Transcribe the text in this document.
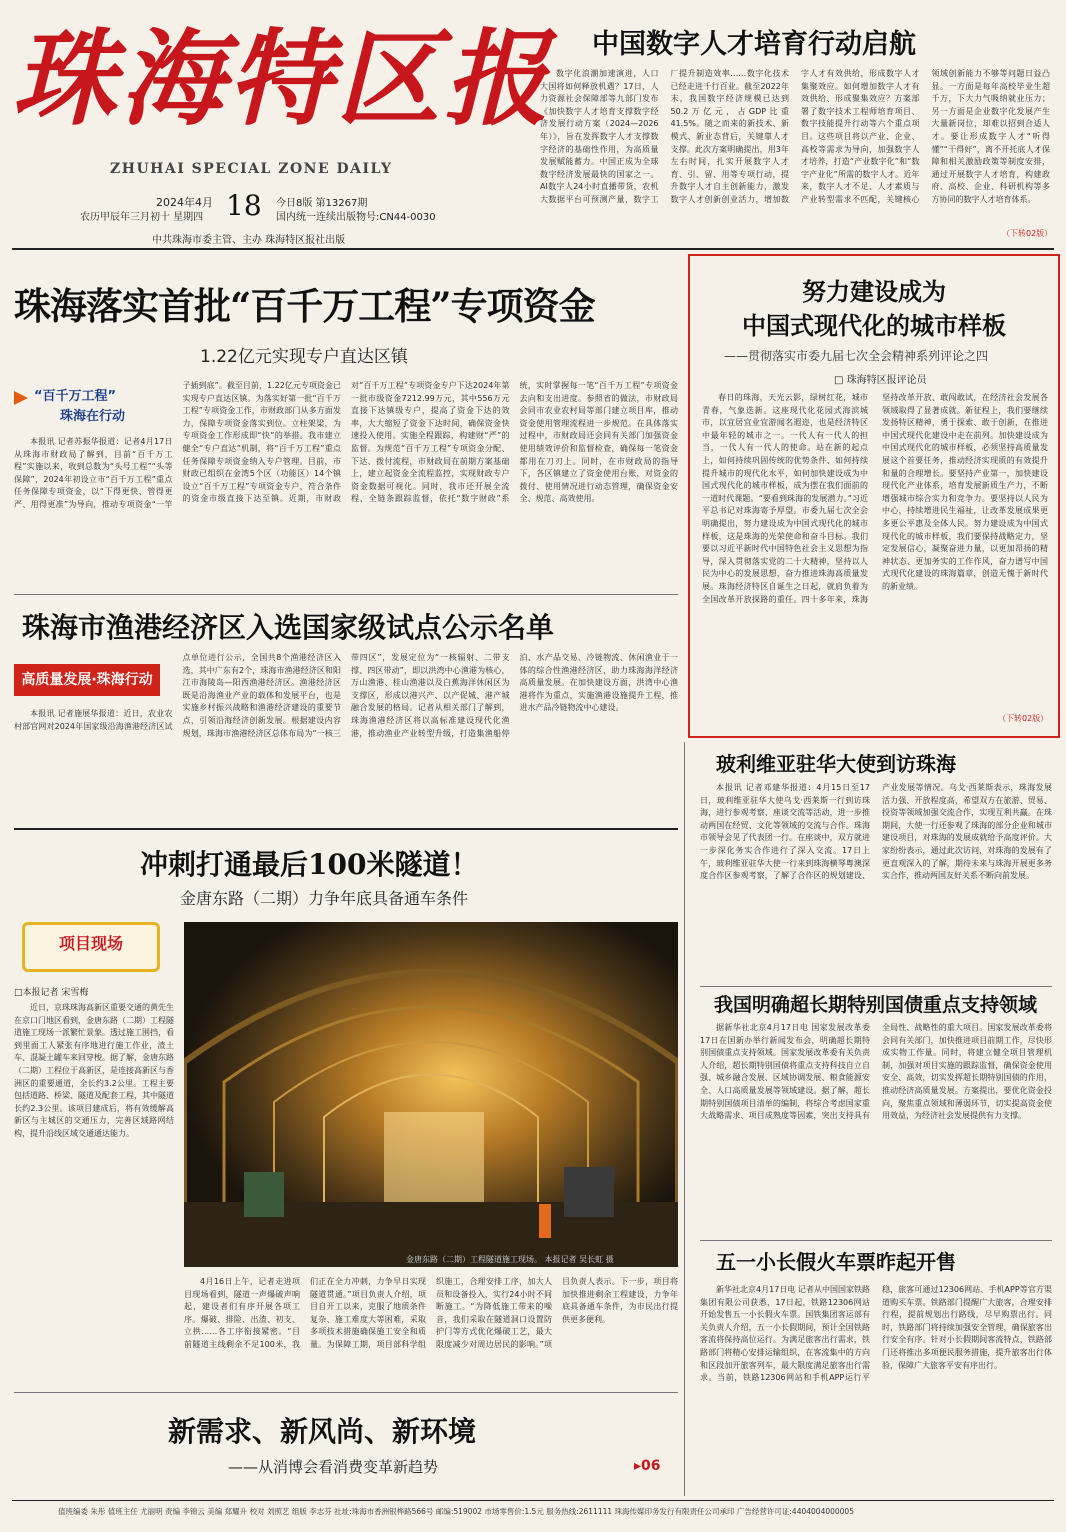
珠海特区报
ZHUHAI SPECIAL ZONE DAILY
2024年4月
农历甲辰年三月初十 星期四 18 今日8版 第13267期
国内统一连续出版物号:CN44-0030
中共珠海市委主管、主办 珠海特区报社出版
中国数字人才培育行动启航

数字化浪潮加速演进，人口大国将如何释放机遇？17日，人力资源社会保障部等九部门发布《加快数字人才培育支撑数字经济发展行动方案（2024—2026年）》，旨在发挥数字人才支撑数字经济的基础性作用，为高质量发展赋能蓄力。中国正成为全球数字经济发展最快的国家之一。AI数字人24小时直播带货，农机大数据平台可预测产量，数字工厂提升制造效率……数字化技术已经走进千行百业。截至2022年末，我国数字经济规模已达到50.2万亿元，占GDP比重41.5%。随之而来的新技术、新模式、新业态背后，关键靠人才支撑。此次方案明确提出，用3年左右时间，扎实开展数字人才育、引、留、用等专项行动，提升数字人才自主创新能力，激发数字人才创新创业活力，增加数字人才有效供给，形成数字人才集聚效应。如何增加数字人才有效供给、形成聚集效应？方案部署了数字技术工程师培育项目、数字技能提升行动等六个重点项目。这些项目将以产业、企业、高校等需求为导向，加强数字人才培养，打造“产业数字化”和“数字产业化”所需的数字人才。近年来，数字人才不足、人才素质与产业转型需求不匹配，关键核心领域创新能力不够等问题日益凸显。一方面是每年高校毕业生超千万，下大力气吸纳就业压力；另一方面是企业数字化发展产生大量新岗位，却难以招到合适人才。要让形成数字人才“听得懂”“干得好”，离不开托底人才保障和相关激励政策等制度安排，通过开展数字人才培育，构建政府、高校、企业、科研机构等多方协同的数字人才培育体系。

（下转02版）
珠海落实首批“百千万工程”专项资金
1.22亿元实现专户直达区镇
“百千万工程”
珠海在行动

本报讯 记者苏振华报道：记者4月17日从珠海市财政局了解到，目前“百千万工程”实施以来，收到总数为“头号工程”“头等保障”，2024年初设立市“百千万工程”重点任务保障专项资金，以“下得更快、管得更严、用得更准”为导向，推动专项资金“一竿子插到底”。截至目前，1.22亿元专项资金已实现专户直达区镇。为落实好第一批“百千万工程”专项资金工作，市财政部门从多方面发力，保障专项资金落实到位。立柱架梁，为专项资金工作形成即“快”的举措。我市建立健全“专户直达”机制，将“百千万工程”重点任务保障专项资金纳入专户管理。目前，市财政已组织在金湾5个区（功能区）14个镇设立“百千万工程”专项资金专户，符合条件的资金市级直接下达至镇。近期，市财政对“百千万工程”专项资金专户下达2024年第一批市级资金7212.99万元，其中556万元直接下达镇级专户，提高了资金下达的效率，大大缩短了资金下达时间，确保资金快速投入使用。实施全程跟踪，构建财“严”的监督。为规范“百千万工程”专项资金分配、下达、拨付流程，市财政局在前期方案基础上，建立起资金全流程监控，实现财政专户资金数据可视化。同时，我市还开展全流程、全链条跟踪监督，依托“数字财政”系统，实时掌握每一笔“百千万工程”专项资金去向和支出进度。参照省的做法，市财政局会同市农业农村局等部门建立项目库，推动资金使用管理流程进一步规范。在具体落实过程中，市财政局还会同有关部门加强资金使用绩效评价和监督检查，确保每一笔资金都用在刀刃上。同时，在市财政局的指导下，各区镇建立了资金使用台账，对资金的拨付、使用情况进行动态管理，确保资金安全、规范、高效使用。

珠海市渔港经济区入选国家级试点公示名单
高质量发展·珠海行动

本报讯 记者施展华报道：近日，农业农村部官网对2024年国家级沿海渔港经济区试点单位进行公示，全国共8个渔港经济区入选，其中广东有2个，珠海市渔港经济区和阳江市海陵岛—阳西渔港经济区。渔港经济区既是沿海渔业产业的载体和发展平台，也是实施乡村振兴战略和渔港经济建设的重要节点，引领沿海经济创新发展。根据建设内容规划，珠海市渔港经济区总体布局为“一核三带四区”，发展定位为“一核辐射、二带支撑、四区带动”，即以洪湾中心渔港为核心，万山渔港、桂山渔港以及白蕉海洋休闲区为支撑区，形成以港兴产、以产促城、港产城融合发展的格局。记者从相关部门了解到，珠海渔港经济区将以高标准建设现代化渔港，推动渔业产业转型升级，打造集渔船停泊、水产品交易、冷链物流、休闲渔业于一体的综合性渔港经济区，助力珠海海洋经济高质量发展。在加快建设方面，洪湾中心渔港将作为重点，实施渔港设施提升工程，推进水产品冷链物流中心建设。

冲刺打通最后100米隧道！
金唐东路（二期）力争年底具备通车条件
项目现场
□本报记者 宋雪梅

近日，京珠珠海高新区重要交通的黄先生在京口门地区看到，金唐东路（二期）工程隧道施工现场一派繁忙景象。透过施工围挡，看到里面工人紧张有序地进行施工作业，渣土车、混凝土罐车来回穿梭。据了解，金唐东路（二期）工程位于高新区，是连接高新区与香洲区的重要通道，全长约3.2公里。工程主要包括道路、桥梁、隧道及配套工程，其中隧道长约2.3公里。该项目建成后，将有效缓解高新区与主城区的交通压力，完善区域路网结构，提升沿线区域交通通达能力。

金唐东路（二期）工程隧道施工现场。 本报记者 吴长虹 摄

4月16日上午，记者走进项目现场看到，隧道一声爆破声响起，建设者们有序开展各项工序。爆破、排险、出渣、初支、立拱……各工序衔接紧密。“目前隧道主线剩余不足100米，我们正在全力冲刺，力争早日实现隧道贯通。”项目负责人介绍，项目自开工以来，克服了地质条件复杂、施工难度大等困难，采取多项技术措施确保施工安全和质量。为保障工期，项目部科学组织施工，合理安排工序，加大人员和设备投入，实行24小时不间断施工。“为降低施工带来的噪音，我们采取在隧道洞口设置防护门等方式优化爆破工艺，最大限度减少对周边居民的影响。”项目负责人表示。下一步，项目将加快推进剩余工程建设，力争年底具备通车条件，为市民出行提供更多便利。

新需求、新风尚、新环境
——从消博会看消费变革新趋势	▸06
努力建设成为
中国式现代化的城市样板
——贯彻落实市委九届七次全会精神系列评论之四
□ 珠海特区报评论员

春日的珠海，天光云影，绿树红花，城市青春，气象迭新。这座现代化花园式海滨城市，以宜居宜业宜游闻名遐迩，也是经济特区中最年轻的城市之一。一代人有一代人的担当，一代人有一代人的使命。站在新的起点上，如何持续巩固传统的优势条件、如何持续提升城市的现代化水平，如何加快建设成为中国式现代化的城市样板，成为摆在我们面前的一道时代课题。“要看到珠海的发展潜力。”习近平总书记对珠海寄予厚望。市委九届七次全会明确提出，努力建设成为中国式现代化的城市样板，这是珠海的光荣使命和奋斗目标。我们要以习近平新时代中国特色社会主义思想为指导，深入贯彻落实党的二十大精神，坚持以人民为中心的发展思想，奋力推进珠海高质量发展。珠海经济特区自诞生之日起，就肩负着为全国改革开放探路的重任。四十多年来，珠海坚持改革开放、敢闯敢试，在经济社会发展各领域取得了显著成就。新征程上，我们要继续发扬特区精神，勇于探索、敢于创新，在推进中国式现代化建设中走在前列。加快建设成为中国式现代化的城市样板，必须坚持高质量发展这个首要任务，推动经济实现质的有效提升和量的合理增长。要坚持产业第一，加快建设现代化产业体系，培育发展新质生产力，不断增强城市综合实力和竞争力。要坚持以人民为中心，持续增进民生福祉，让改革发展成果更多更公平惠及全体人民。努力建设成为中国式现代化的城市样板，我们要保持战略定力，坚定发展信心，凝聚奋进力量，以更加昂扬的精神状态、更加务实的工作作风，奋力谱写中国式现代化建设的珠海篇章，创造无愧于新时代的新业绩。

（下转02版）
玻利维亚驻华大使到访珠海

本报讯 记者邓建华报道：4月15日至17日，玻利维亚驻华大使乌戈·西莱斯一行到访珠海，进行参观考察、座谈交流等活动，进一步推动两国在经贸、文化等领域的交流与合作。珠海市领导会见了代表团一行。在座谈中，双方就进一步深化务实合作进行了深入交流。17日上午，玻利维亚驻华大使一行来到珠海横琴粤澳深度合作区参观考察，了解了合作区的规划建设、产业发展等情况。乌戈·西莱斯表示，珠海发展活力强、开放程度高，希望双方在旅游、贸易、投资等领域加强交流合作，实现互利共赢。在珠期间，大使一行还参观了珠海的部分企业和城市建设项目，对珠海的发展成就给予高度评价。大家纷纷表示，通过此次访问，对珠海的发展有了更直观深入的了解，期待未来与珠海开展更多务实合作，推动两国友好关系不断向前发展。

我国明确超长期特别国债重点支持领域

据新华社北京4月17日电 国家发展改革委17日在国新办举行新闻发布会，明确超长期特别国债重点支持领域。国家发展改革委有关负责人介绍，超长期特别国债将重点支持科技自立自强、城乡融合发展、区域协调发展、粮食能源安全、人口高质量发展等领域建设。据了解，超长期特别国债项目清单的编制，将综合考虑国家重大战略需求、项目成熟度等因素，突出支持具有全局性、战略性的重大项目。国家发展改革委将会同有关部门，加快推进项目前期工作，尽快形成实物工作量。同时，将建立健全项目管理机制，加强对项目实施的跟踪监督，确保资金使用安全、高效，切实发挥超长期特别国债的作用，推动经济高质量发展。方案提出，要优化资金投向，聚焦重点领域和薄弱环节，切实提高资金使用效益，为经济社会发展提供有力支撑。

五一小长假火车票昨起开售

新华社北京4月17日电 记者从中国国家铁路集团有限公司获悉，17日起，铁路12306网站开始发售五一小长假火车票。国铁集团客运部有关负责人介绍，五一小长假期间，预计全国铁路客流将保持高位运行。为满足旅客出行需求，铁路部门将精心安排运输组织，在客流集中的方向和区段加开旅客列车，最大限度满足旅客出行需求。当前，铁路12306网站和手机APP运行平稳，旅客可通过12306网站、手机APP等官方渠道购买车票。铁路部门提醒广大旅客，合理安排行程，提前规划出行路线，尽早购票出行。同时，铁路部门将持续加强安全管理，确保旅客出行安全有序。针对小长假期间客流特点，铁路部门还将推出多项便民服务措施，提升旅客出行体验，保障广大旅客平安有序出行。

值班编委 朱彤 值班主任 尤丽明 责编 李锦云 美编 郑耀升 校对 刘照艺 组版 李志芬 社址:珠海市香洲银桦路566号 邮编:519002 市场零售价:1.5元 服务热线:2611111 珠海传媒印务发行有限责任公司承印 广告经营许可证:4404004000005
